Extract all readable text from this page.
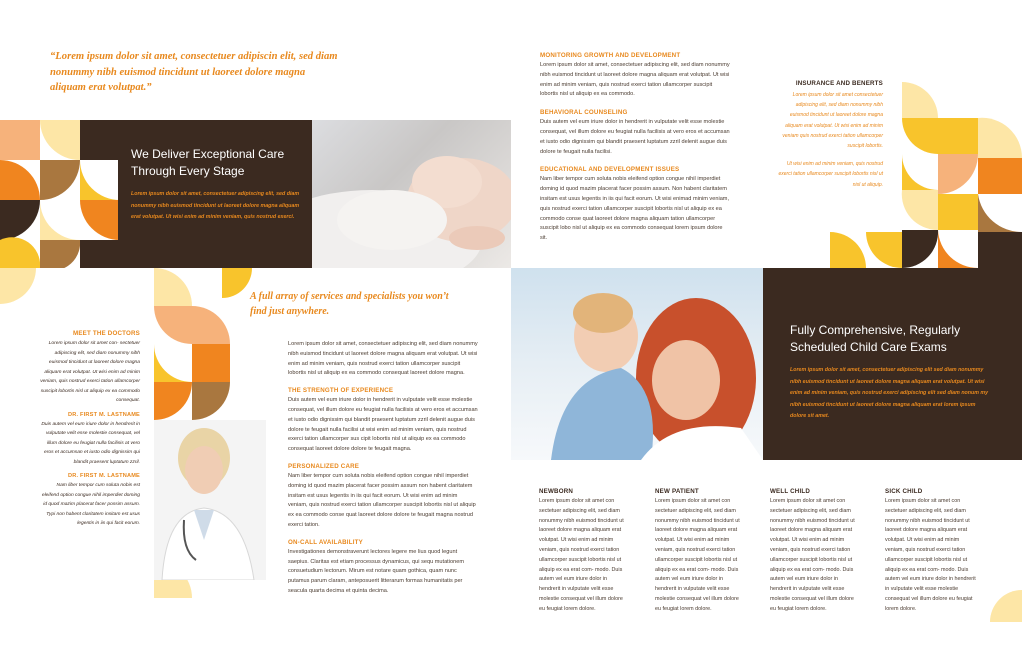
“Lorem ipsum dolor sit amet, consectetuer adipiscin elit, sed diam nonummy nibh euismod tincidunt ut laoreet dolore magna aliquam erat volutpat.”
We Deliver Exceptional Care Through Every Stage
Lorem ipsum dolor sit amet, consectetuer adipiscing elit, sed diam nonummy nibh euismod tincidunt ut laoreet dolore magna aliquam erat volutpat. Ut wisi enim ad minim veniam, quis nostrud exerci.
MONITORING GROWTH AND DEVELOPMENT
Lorem ipsum dolor sit amet, consectetuer adipiscing elit, sed diam nonummy nibh euismod tincidunt ut laoreet dolore magna aliquam erat volutpat. Ut wisi enim ad minim veniam, quis nostrud exerci tation ullamcorper suscipit lobortis nisl ut aliquip ex ea commodo.
BEHAVIORAL COUNSELING
Duis autem vel eum iriure dolor in hendrerit in vulputate velit esse molestie consequat, vel illum dolore eu feugiat nulla facilisis at vero eros et accumsan et iusto odio dignissim qui blandit praesent luptatum zzril delenit augue duis dolore te feugait nulla facilisi.
EDUCATIONAL AND DEVELOPMENT ISSUES
Nam liber tempor cum soluta nobis eleifend option congue nihil imperdiet doming id quod mazim placerat facer possim assum. Non habent claritatem insitam est usus legentis in iis qui facit eorum. Ut wisi enimad minim veniam, quis nostrud exerci tation ullamcorper suscipit lobortis nisl ut aliquip ex ea commodo conse quat laoreet dolore magna aliquam tation ullamcorper suscipit lobo nisl ut aliquip ex ea commodo consequat lorem ipsum dolore sit.
INSURANCE AND BENERTS
Lorem ipsum dolor sit amet consectetuer adipiscing elit, sed diam nonummy nibh euismod tincidunt ut laoreet dolore magna aliquam erat volutpat. Ut wisi enim ad minim veniam quis nostrud exerci tation ullamcorper suscipit lobortis.
Ut wisi enim ad minim veniam, quis nostrud exerci tation ullamcorper suscipit lobortis nisl ut nisl ut aliquip.
A full array of services and specialists you won’t find just anywhere.
MEET THE DOCTORS
Lorem ipsum dolor sit amet con- sectetuer adipiscing elit, sed diam nonummy nibh euismod tincidunt ut laoreet dolore magna aliquam erat volutpat. Ut wisi enim ad minim veniam, quis nostrud exerci tation ullamcorper suscipit lobortis nisl ut aliquip ex ea commodo consequat.
DR. FIRST M. LASTNAME
Duis autem vel eum iriure dolor in hendrerit in vulputate velit esse molestie consequat, vel illum dolore eu feugiat nulla facilisis at vero eros et accumsan et iusto odio dignissim qui blandit praesent luptatum zzril.
DR. FIRST M. LASTNAME
Nam liber tempor cum soluta nobis est eleifend option congue nihil imperdiet doming id quod mazim placerat facer possim assum. Typi non habent claritatem insitam est usus legentis in iis qui facit eorum.
Lorem ipsum dolor sit amet, consectetuer adipiscing elit, sed diam nonummy nibh euismod tincidunt ut laoreet dolore magna aliquam erat volutpat. Ut wisi enim ad minim veniam, quis nostrud exerci tation ullamcorper suscipit lobortis nisl ut aliquip ex ea commodo consequat laoreet dolore magna.
THE STRENGTH OF EXPERIENCE
Duis autem vel eum iriure dolor in hendrerit in vulputate velit esse molestie consequat, vel illum dolore eu feugiat nulla facilisis at vero eros et accumsan et iusto odio dignissim qui blandit praesent luptatum zzril delenit augue duis dolore te feugait nulla facilisi ut wisi enim ad minim veniam, quis nostrud exerci tation ullamcorper sus cipit lobortis nisl ut aliquip ex ea commodo consequat laoreet dolore dolore te feugait magna.
PERSONALIZED CARE
Nam liber tempor cum soluta nobis eleifend option congue nihil imperdiet doming id quod mazim placerat facer possim assum non habent claritatem insitam est usus legentis in iis qui facit eorum. Ut wisi enim ad minim veniam, quis nostrud exerci tation ullamcorper suscipit lobortis nisl ut aliquip ex ea commodo conse quat laoreet dolore dolore te feugait magna nostrud exerci tation.
ON-CALL AVAILABILITY
Investigationes demonstraverunt lectores legere me lius quod legunt saepius. Claritas est etiam processus dynamicus, qui sequ mutationem consuetudium lectorum. Mirum est notare quam gothica, quam nunc putamus parum claram, anteposuerit litterarum formas humanitatis per seacula quarta decima et quinta decima.
Fully Comprehensive, Regularly Scheduled Child Care Exams
Lorem ipsum dolor sit amet, consectetuer adipiscing elit sed diam nonummy nibh euismod tincidunt ut laoreet dolore magna aliquam erat volutpat. Ut wisi enim ad minim veniam, quis nostrud exerci adipiscing elit sed diam nonum my nibh euismod tincidunt ut laoreet dolore magna aliquam erat lorem ipsum dolore sit amet.
NEWBORN
Lorem ipsum dolor sit amet con sectetuer adipiscing elit, sed diam nonummy nibh euismod tincidunt ut laoreet dolore magna aliquam erat volutpat. Ut wisi enim ad minim veniam, quis nostrud exerci tation ullamcorper suscipit lobortis nisl ut aliquip ex ea erat com- modo. Duis autem vel eum iriure dolor in hendrerit in vulputate velit esse molestie consequat vel illum dolore eu feugiat lorem dolore.
NEW PATIENT
Lorem ipsum dolor sit amet con sectetuer adipiscing elit, sed diam nonummy nibh euismod tincidunt ut laoreet dolore magna aliquam erat volutpat. Ut wisi enim ad minim veniam, quis nostrud exerci tation ullamcorper suscipit lobortis nisl ut aliquip ex ea erat com- modo. Duis autem vel eum iriure dolor in hendrerit in vulputate velit esse molestie consequat vel illum dolore eu feugiat lorem dolore.
WELL CHILD
Lorem ipsum dolor sit amet con sectetuer adipiscing elit, sed diam nonummy nibh euismod tincidunt ut laoreet dolore magna aliquam erat volutpat. Ut wisi enim ad minim veniam, quis nostrud exerci tation ullamcorper suscipit lobortis nisl ut aliquip ex ea erat com- modo. Duis autem vel eum iriure dolor in hendrerit in vulputate velit esse molestie consequat vel illum dolore eu feugiat lorem dolore.
SICK CHILD
Lorem ipsum dolor sit amet con sectetuer adipiscing elit, sed diam nonummy nibh euismod tincidunt ut laoreet dolore magna aliquam erat volutpat. Ut wisi enim ad minim veniam, quis nostrud exerci tation ullamcorper suscipit lobortis nisl ut aliquip ex ea erat com- modo. Duis autem vel eum iriure dolor in hendrerit in vulputate velit esse molestie consequat vel illum dolore eu feugiat lorem dolore.
